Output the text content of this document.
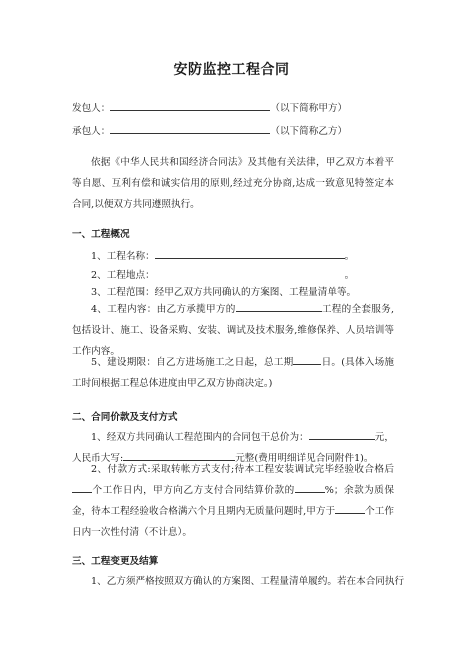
安防监控工程合同
发包人：	（以下简称甲方）
承包人：	（以下简称乙方）
依据《中华人民共和国经济合同法》及其他有关法律，甲乙双方本着平等自愿、互利有偿和诚实信用的原则,经过充分协商,达成一致意见特签定本合同,以便双方共同遵照执行。
一、工程概况
1、工程名称：	。
2、工程地点：	。
3、工程范围：经甲乙双方共同确认的方案图、工程量清单等。
4、工程内容：由乙方承揽甲方的	工程的全套服务,包括设计、施工、设备采购、安装、调试及技术服务,维修保养、人员培训等工作内容。
5、建设期限：自乙方进场施工之日起，总工期	日。(具体入场施工时间根据工程总体进度由甲乙双方协商决定。)
二、合同价款及支付方式
1、经双方共同确认工程范围内的合同包干总价为：	元，人民币大写:	元整(费用明细详见合同附件1)。
2、付款方式:采取转帐方式支付;待本工程安装调试完毕经验收合格后个工作日内，甲方向乙方支付合同结算价款的	%；余款为质保金，待本工程经验收合格满六个月且期内无质量问题时,甲方于	个工作日内一次性付清（不计息）。
三、工程变更及结算
1、乙方须严格按照双方确认的方案图、工程量清单履约。若在本合同执行
